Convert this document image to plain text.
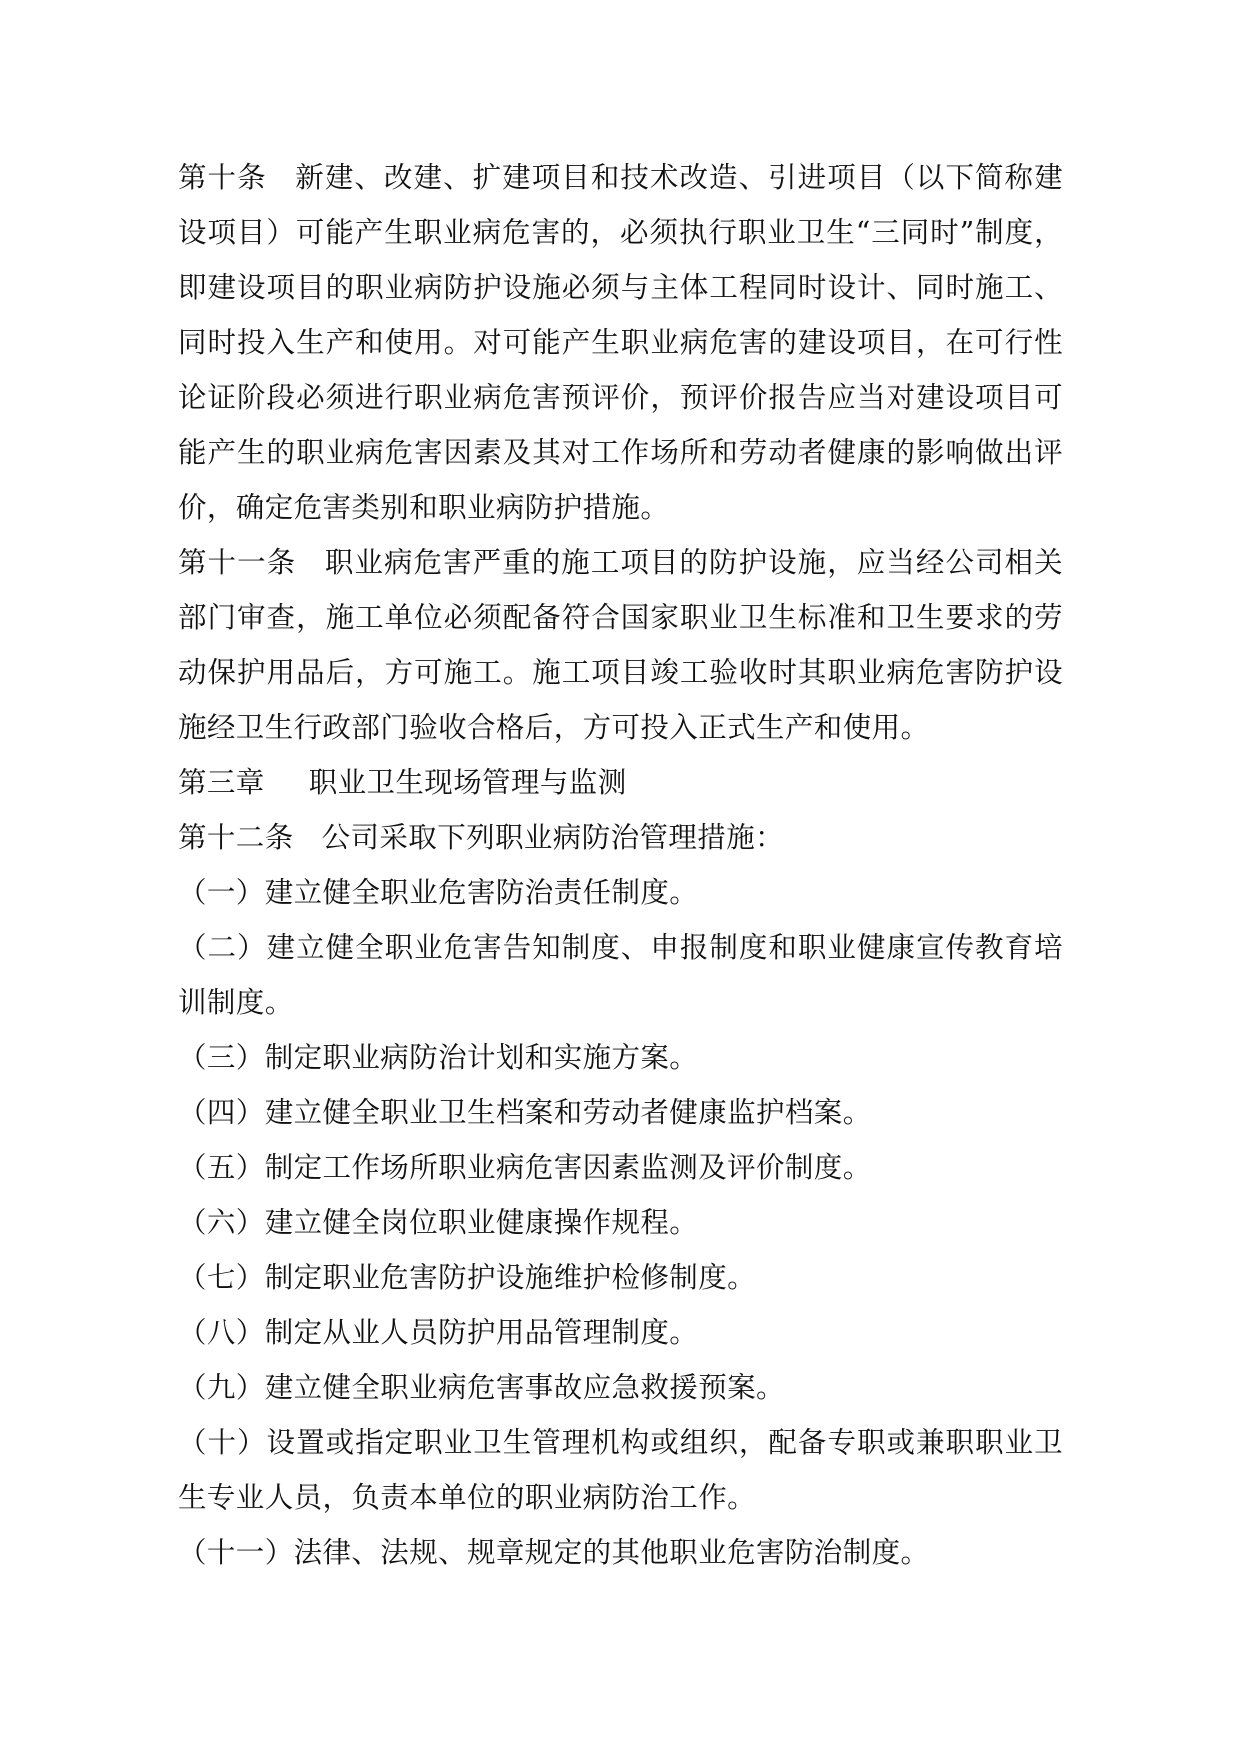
第十条 新建、改建、扩建项目和技术改造、引进项目（以下简称建设项目）可能产生职业病危害的，必须执行职业卫生“三同时”制度，即建设项目的职业病防护设施必须与主体工程同时设计、同时施工、同时投入生产和使用。对可能产生职业病危害的建设项目，在可行性论证阶段必须进行职业病危害预评价，预评价报告应当对建设项目可能产生的职业病危害因素及其对工作场所和劳动者健康的影响做出评价，确定危害类别和职业病防护措施。

第十一条 职业病危害严重的施工项目的防护设施，应当经公司相关部门审查，施工单位必须配备符合国家职业卫生标准和卫生要求的劳动保护用品后，方可施工。施工项目竣工验收时其职业病危害防护设施经卫生行政部门验收合格后，方可投入正式生产和使用。

第三章 职业卫生现场管理与监测

第十二条 公司采取下列职业病防治管理措施：

（一）建立健全职业危害防治责任制度。

（二）建立健全职业危害告知制度、申报制度和职业健康宣传教育培训制度。

（三）制定职业病防治计划和实施方案。

（四）建立健全职业卫生档案和劳动者健康监护档案。

（五）制定工作场所职业病危害因素监测及评价制度。

（六）建立健全岗位职业健康操作规程。

（七）制定职业危害防护设施维护检修制度。

（八）制定从业人员防护用品管理制度。

（九）建立健全职业病危害事故应急救援预案。

（十）设置或指定职业卫生管理机构或组织，配备专职或兼职职业卫生专业人员，负责本单位的职业病防治工作。

（十一）法律、法规、规章规定的其他职业危害防治制度。
